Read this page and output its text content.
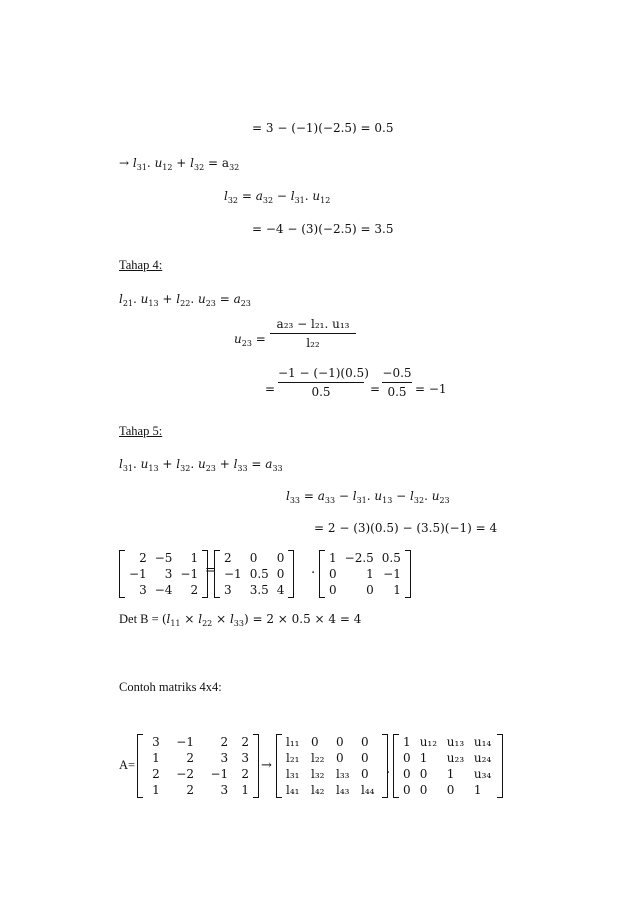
= 3 − (−1)(−2.5) = 0.5
→ $l_{31}$. $u_{12} + l_{32} = a_{32}$
$l_{32} = a_{32} - l_{31}$. $u_{12}$
= −4 − (3)(−2.5) = 3.5
Tahap 4:
$l_{21}$. $u_{13} + l_{22}$. $u_{23} = a_{23}$
$u_{23}$ =
a₂₃ − l₂₁. u₁₃
l₂₂
=
−1 − (−1)(0.5)
0.5	=
−0.5
0.5 = −1
Tahap 5:
$l_{31}$. $u_{13} + l_{32}$. $u_{23} + l_{33} = a_{33}$
$l_{33} = a_{33} - l_{31}$. $u_{13} - l_{32}$. $u_{23}$
= 2 − (3)(0.5) − (3.5)(−1) = 4
2	−5	1
−1	3	−1
3	−4	2
=
2	0	0
−1	0.5	0
3	3.5	4
.
1	−2.5	0.5
0	1	−1
0	0	1
Det $B = (l_{11} \times l_{22} \times l_{33}) = 2 \times 0.5 \times 4 = 4$
Contoh matriks 4x4:
A=
3	−1	2	2
1	2	3	3
2	−2	−1	2
1	2	3	1
→
l₁₁	0	0	0
l₂₁	l₂₂	0	0
l₃₁	l₃₂	l₃₃	0
l₄₁	l₄₂	l₄₃	l₄₄
.
1	u₁₂	u₁₃	u₁₄
0	1	u₂₃	u₂₄
0	0	1	u₃₄
0	0	0	1
